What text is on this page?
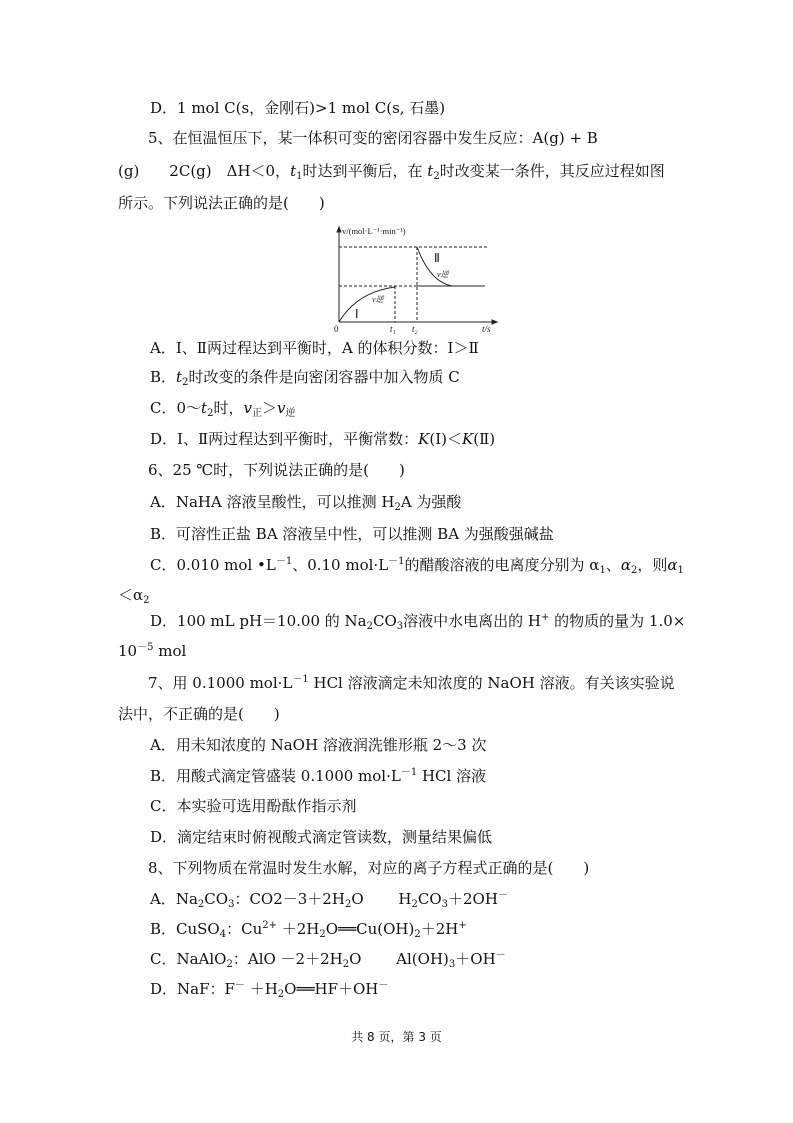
D．1 mol C(s，金刚石)>1 mol C(s, 石墨)
5、在恒温恒压下，某一体积可变的密闭容器中发生反应：A(g) + B
(g)　　2C(g)　ΔH＜0，$t_1$时达到平衡后，在 $t_2$时改变某一条件，其反应过程如图
所示。下列说法正确的是(　　)
A．Ⅰ、Ⅱ两过程达到平衡时，A 的体积分数：Ⅰ＞Ⅱ
B．$t_2$时改变的条件是向密闭容器中加入物质 C
C．$0\sim t_2$时，$v_正>v_逆$
D．Ⅰ、Ⅱ两过程达到平衡时，平衡常数：K(Ⅰ)＜K(Ⅱ)
6、25 ℃时，下列说法正确的是(　　)
A．NaHA 溶液呈酸性，可以推测 $H_2A$ 为强酸
B．可溶性正盐 BA 溶液呈中性，可以推测 BA 为强酸强碱盐
C．0.010 mol $•L^{-1}$、0.10 $mol\cdot L^{-1}$的醋酸溶液的电离度分别为 $\alpha_1$、$\alpha_2$，则$\alpha_1$
$<\alpha_2$
D．100 mL pH＝10.00 的 $Na_2CO_3$溶液中水电离出的 H+ 的物质的量为 1.0×
$10^{-5}$ mol
7、用 0.1000 $mol\cdot L^{-1}$ HCl 溶液滴定未知浓度的 NaOH 溶液。有关该实验说
法中，不正确的是(　　)
A．用未知浓度的 NaOH 溶液润洗锥形瓶 2～3 次
B．用酸式滴定管盛装 0.1000 $mol\cdot L^{-1}$ HCl 溶液
C．本实验可选用酚酞作指示剂
D．滴定结束时俯视酸式滴定管读数，测量结果偏低
8、下列物质在常温时发生水解，对应的离子方程式正确的是(　　)
A．$Na_2CO_3$：$CO2-3+2H_2O$　　 $H_2CO_3+2OH^-$
B．CuSO$_4$：$Cu^{2+}$ $+2H_2O══Cu(OH)_2+2H^+$
C．NaAlO$_2$：AlO $-2+2H_2O$　　 $Al(OH)_3+OH^-$
D．NaF：$F^- +H_2O══HF+OH^-$
v/(mol·L⁻¹·min⁻¹)
t/s
0	t₁ t₂
Ⅰ
Ⅱ
v逆
v逆
共 8 页，第 3 页
